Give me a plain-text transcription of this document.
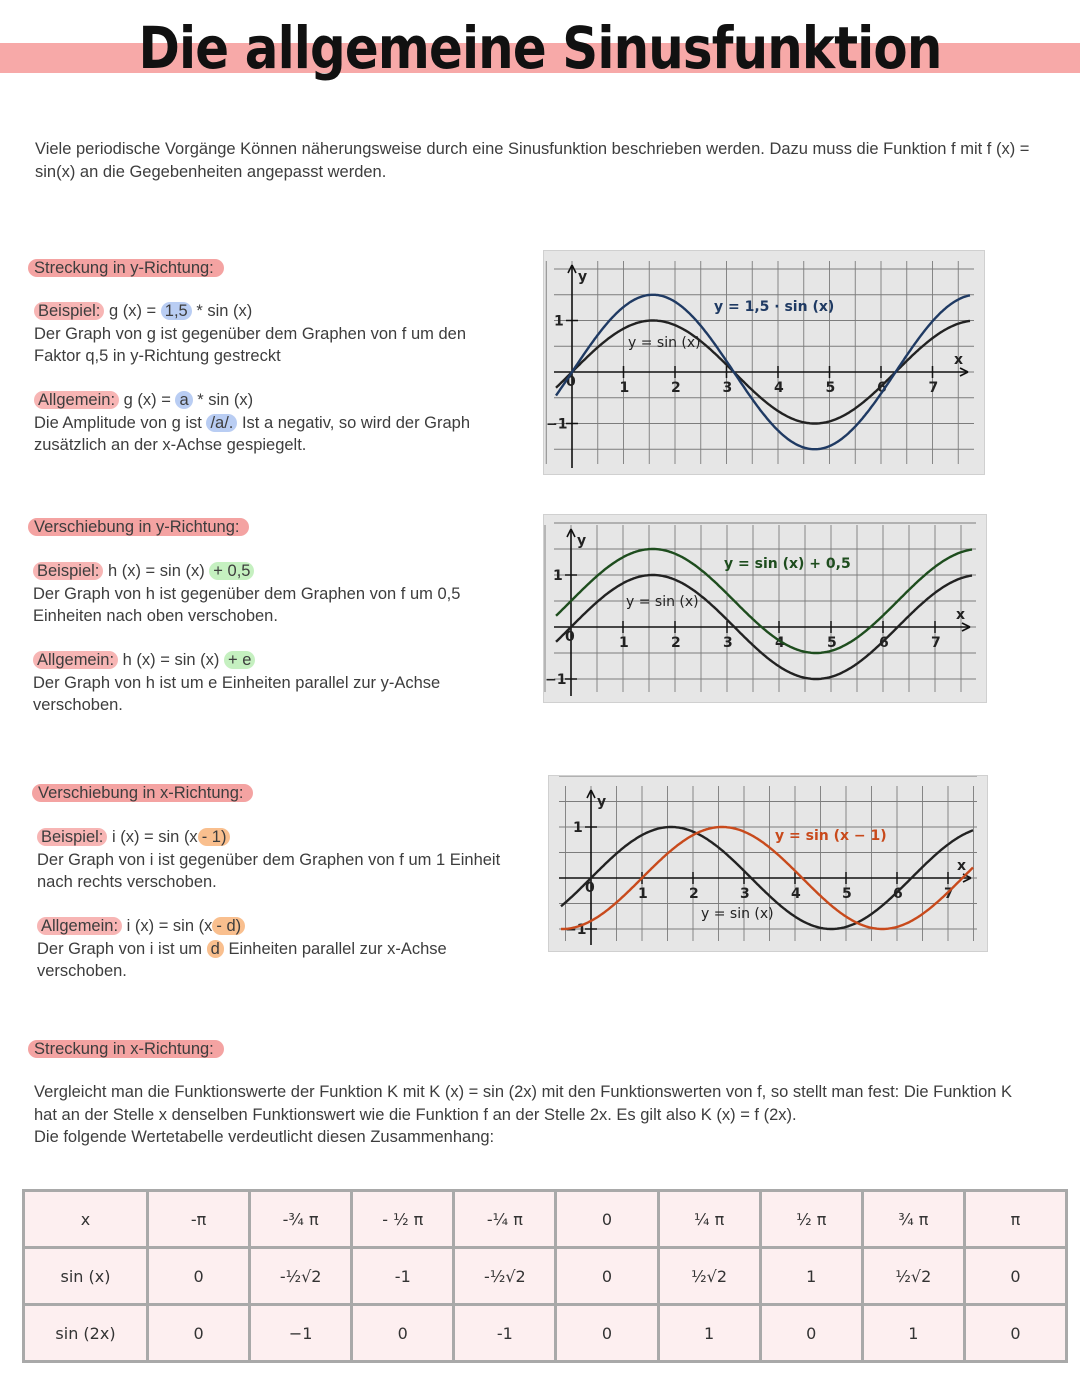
Die allgemeine Sinusfunktion
Viele periodische Vorgänge Können näherungsweise durch eine Sinusfunktion beschrieben werden. Dazu muss die Funktion f mit f (x) = sin(x) an die Gegebenheiten angepasst werden.
Streckung in y-Richtung:
Beispiel: g (x) = 1,5 * sin (x)
Der Graph von g ist gegenüber dem Graphen von f um den Faktor q,5 in y-Richtung gestreckt
Allgemein: g (x) = a * sin (x)
Die Amplitude von g ist /a/. Ist a negativ, so wird der Graph zusätzlich an der x-Achse gespiegelt.
Verschiebung in y-Richtung:
Beispiel: h (x) = sin (x) + 0,5
Der Graph von h ist gegenüber dem Graphen von f um 0,5 Einheiten nach oben verschoben.
Allgemein: h (x) = sin (x) + e
Der Graph von h ist um e Einheiten parallel zur y-Achse verschoben.
Verschiebung in x-Richtung:
Beispiel: i (x) = sin (x - 1)
Der Graph von i ist gegenüber dem Graphen von f um 1 Einheit nach rechts verschoben.
Allgemein: i (x) = sin (x - d)
Der Graph von i ist um d Einheiten parallel zur x-Achse verschoben.
Streckung in x-Richtung:
Vergleicht man die Funktionswerte der Funktion K mit K (x) = sin (2x) mit den Funktionswerten von f, so stellt man fest: Die Funktion K hat an der Stelle x denselben Funktionswert wie die Funktion f an der Stelle 2x. Es gilt also K (x) = f (2x).
Die folgende Wertetabelle verdeutlicht diesen Zusammenhang:
y
x
1	2	3	4	5	6	7
0
1
−1
y = sin (x)
y = 1,5 · sin (x)
y
x
1	2	3	4	5	6	7
0
1
−1
y = sin (x)
y = sin (x) + 0,5
y
x
1	2	3	4	5	6	7
0
1
−1
y = sin (x)
y = sin (x − 1)
x	-π	-¾ π	- ½ π	-¼ π	0	¼ π	½ π	¾ π	π
sin (x)	0	-½√2	-1	-½√2	0	½√2	1	½√2	0
sin (2x)	0	−1	0	-1	0	1	0	1	0
